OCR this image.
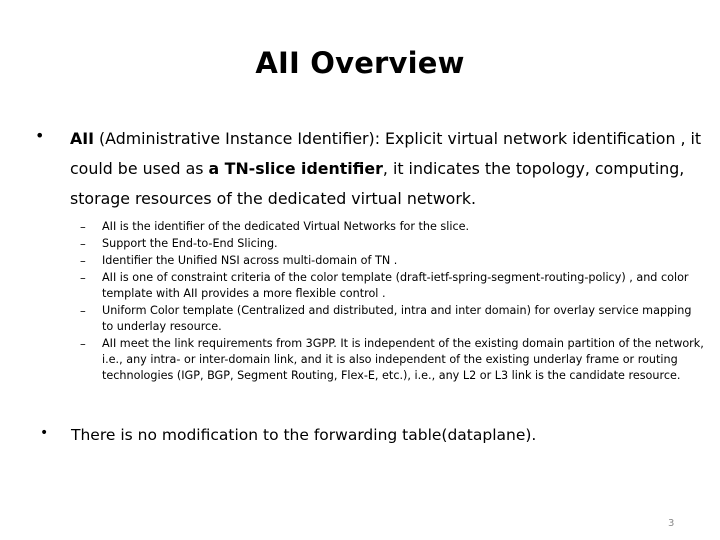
AII Overview
• AII (Administrative Instance Identifier): Explicit virtual network identification , it could be used as a TN-slice identifier, it indicates the topology, computing, storage resources of the dedicated virtual network.
– AII is the identifier of the dedicated Virtual Networks for the slice.
– Support the End-to-End Slicing.
– Identifier the Unified NSI across multi-domain of TN .
– AII is one of constraint criteria of the color template (draft-ietf-spring-segment-routing-policy) , and color template with AII provides a more flexible control .
– Uniform Color template (Centralized and distributed, intra and inter domain) for overlay service mapping to underlay resource.
– AII meet the link requirements from 3GPP. It is independent of the existing domain partition of the network, i.e., any intra- or inter-domain link, and it is also independent of the existing underlay frame or routing technologies (IGP, BGP, Segment Routing, Flex-E, etc.), i.e., any L2 or L3 link is the candidate resource.
• There is no modification to the forwarding table(dataplane).
3
